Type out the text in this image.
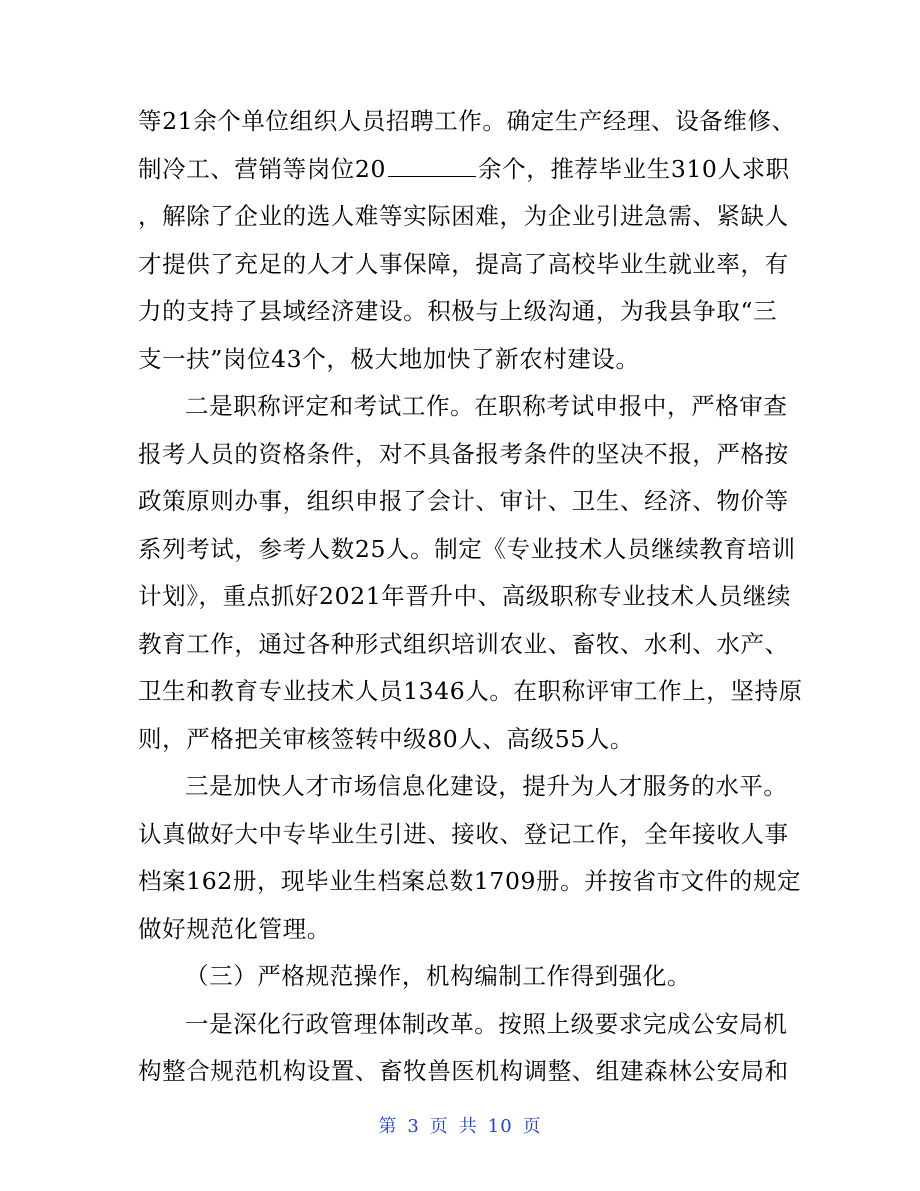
等21余个单位组织人员招聘工作。确定生产经理、设备维修、
制冷工、营销等岗位20	余个，推荐毕业生310人求职
，解除了企业的选人难等实际困难，为企业引进急需、紧缺人
才提供了充足的人才人事保障，提高了高校毕业生就业率，有
力的支持了县域经济建设。积极与上级沟通，为我县争取“三
支一扶”岗位43个，极大地加快了新农村建设。
二是职称评定和考试工作。在职称考试申报中，严格审查
报考人员的资格条件，对不具备报考条件的坚决不报，严格按
政策原则办事，组织申报了会计、审计、卫生、经济、物价等
系列考试，参考人数25人。制定《专业技术人员继续教育培训
计划》，重点抓好2021年晋升中、高级职称专业技术人员继续
教育工作，通过各种形式组织培训农业、畜牧、水利、水产、
卫生和教育专业技术人员1346人。在职称评审工作上，坚持原
则，严格把关审核签转中级80人、高级55人。
三是加快人才市场信息化建设，提升为人才服务的水平。
认真做好大中专毕业生引进、接收、登记工作，全年接收人事
档案162册，现毕业生档案总数1709册。并按省市文件的规定
做好规范化管理。
（三）严格规范操作，机构编制工作得到强化。
一是深化行政管理体制改革。按照上级要求完成公安局机
构整合规范机构设置、畜牧兽医机构调整、组建森林公安局和
第 3 页 共 10 页
